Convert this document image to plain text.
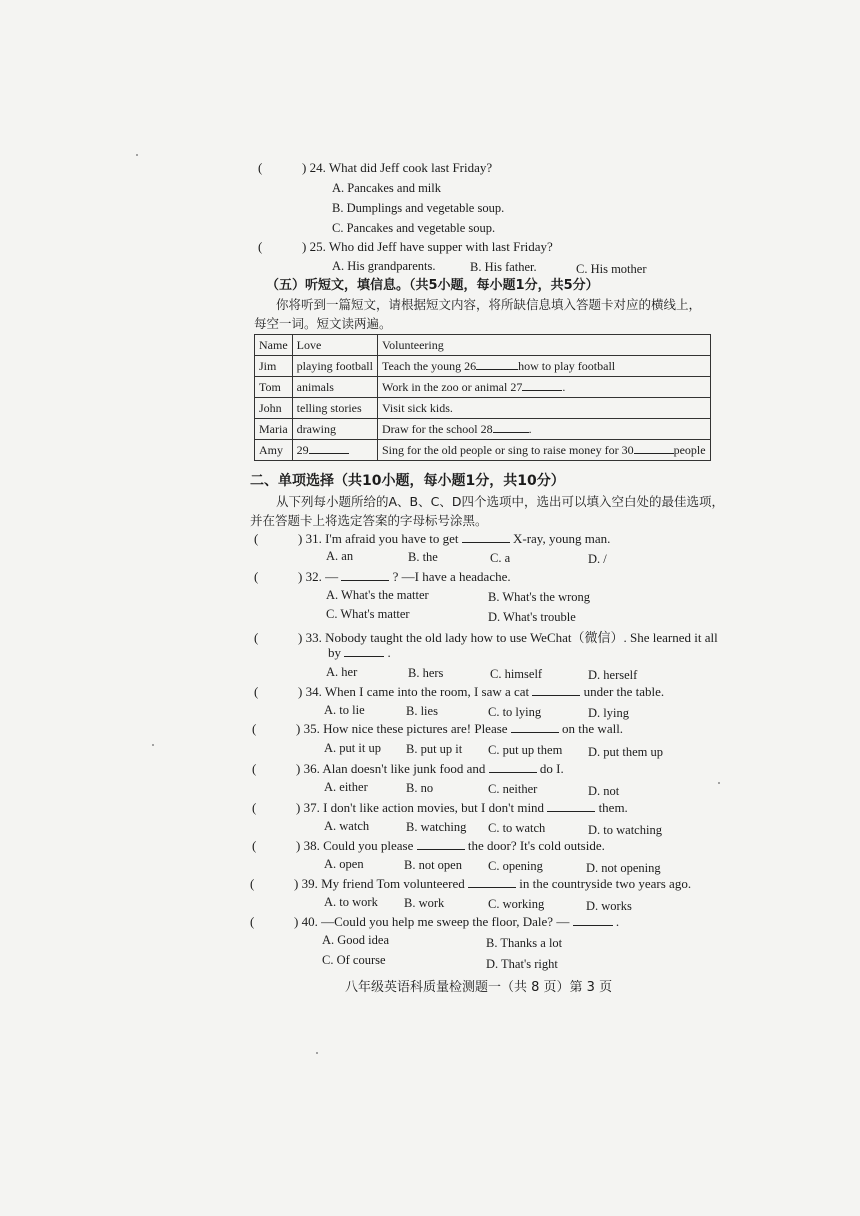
(	) 24. What did Jeff cook last Friday?
A. Pancakes and milk
B. Dumplings and vegetable soup.
C. Pancakes and vegetable soup.
(	) 25. Who did Jeff have supper with last Friday?
A. His grandparents.	B. His father.	C. His mother
（五）听短文，填信息。（共5小题，每小题1分，共5分）
你将听到一篇短文，请根据短文内容，将所缺信息填入答题卡对应的横线上，
每空一词。短文读两遍。
Name	Love	Volunteering
Jim	playing football	Teach the young 26 how to play football
Tom	animals	Work in the zoo or animal 27 .
John	telling stories	Visit sick kids.
Maria	drawing	Draw for the school 28 .
Amy	29	Sing for the old people or sing to raise money for 30 people
二、单项选择（共10小题，每小题1分，共10分）
从下列每小题所给的A、B、C、D四个选项中，选出可以填入空白处的最佳选项，
并在答题卡上将选定答案的字母标号涂黑。
(	) 31. I'm afraid you have to get	X-ray, young man.
A. an	B. the	C. a	D. /
(	) 32. —	? —I have a headache.
A. What's the matter	B. What's the wrong
C. What's matter	D. What's trouble
(	) 33. Nobody taught the old lady how to use WeChat（微信）. She learned it all
by	.
A. her	B. hers	C. himself	D. herself
(	) 34. When I came into the room, I saw a cat	under the table.
A. to lie	B. lies	C. to lying	D. lying
(	) 35. How nice these pictures are! Please	on the wall.
A. put it up B. put up it C. put up them D. put them up
(	) 36. Alan doesn't like junk food and	do I.
A. either	B. no	C. neither	D. not
(	) 37. I don't like action movies, but I don't mind	them.
A. watch	B. watching C. to watch	D. to watching
(	) 38. Could you please	the door? It's cold outside.
A. open	B. not open C. opening	D. not opening
(	) 39. My friend Tom volunteered	in the countryside two years ago.
A. to work B. work	C. working	D. works
(	) 40. —Could you help me sweep the floor, Dale? —	.
A. Good idea	B. Thanks a lot
C. Of course	D. That's right
八年级英语科质量检测题一（共 8 页）第 3 页
